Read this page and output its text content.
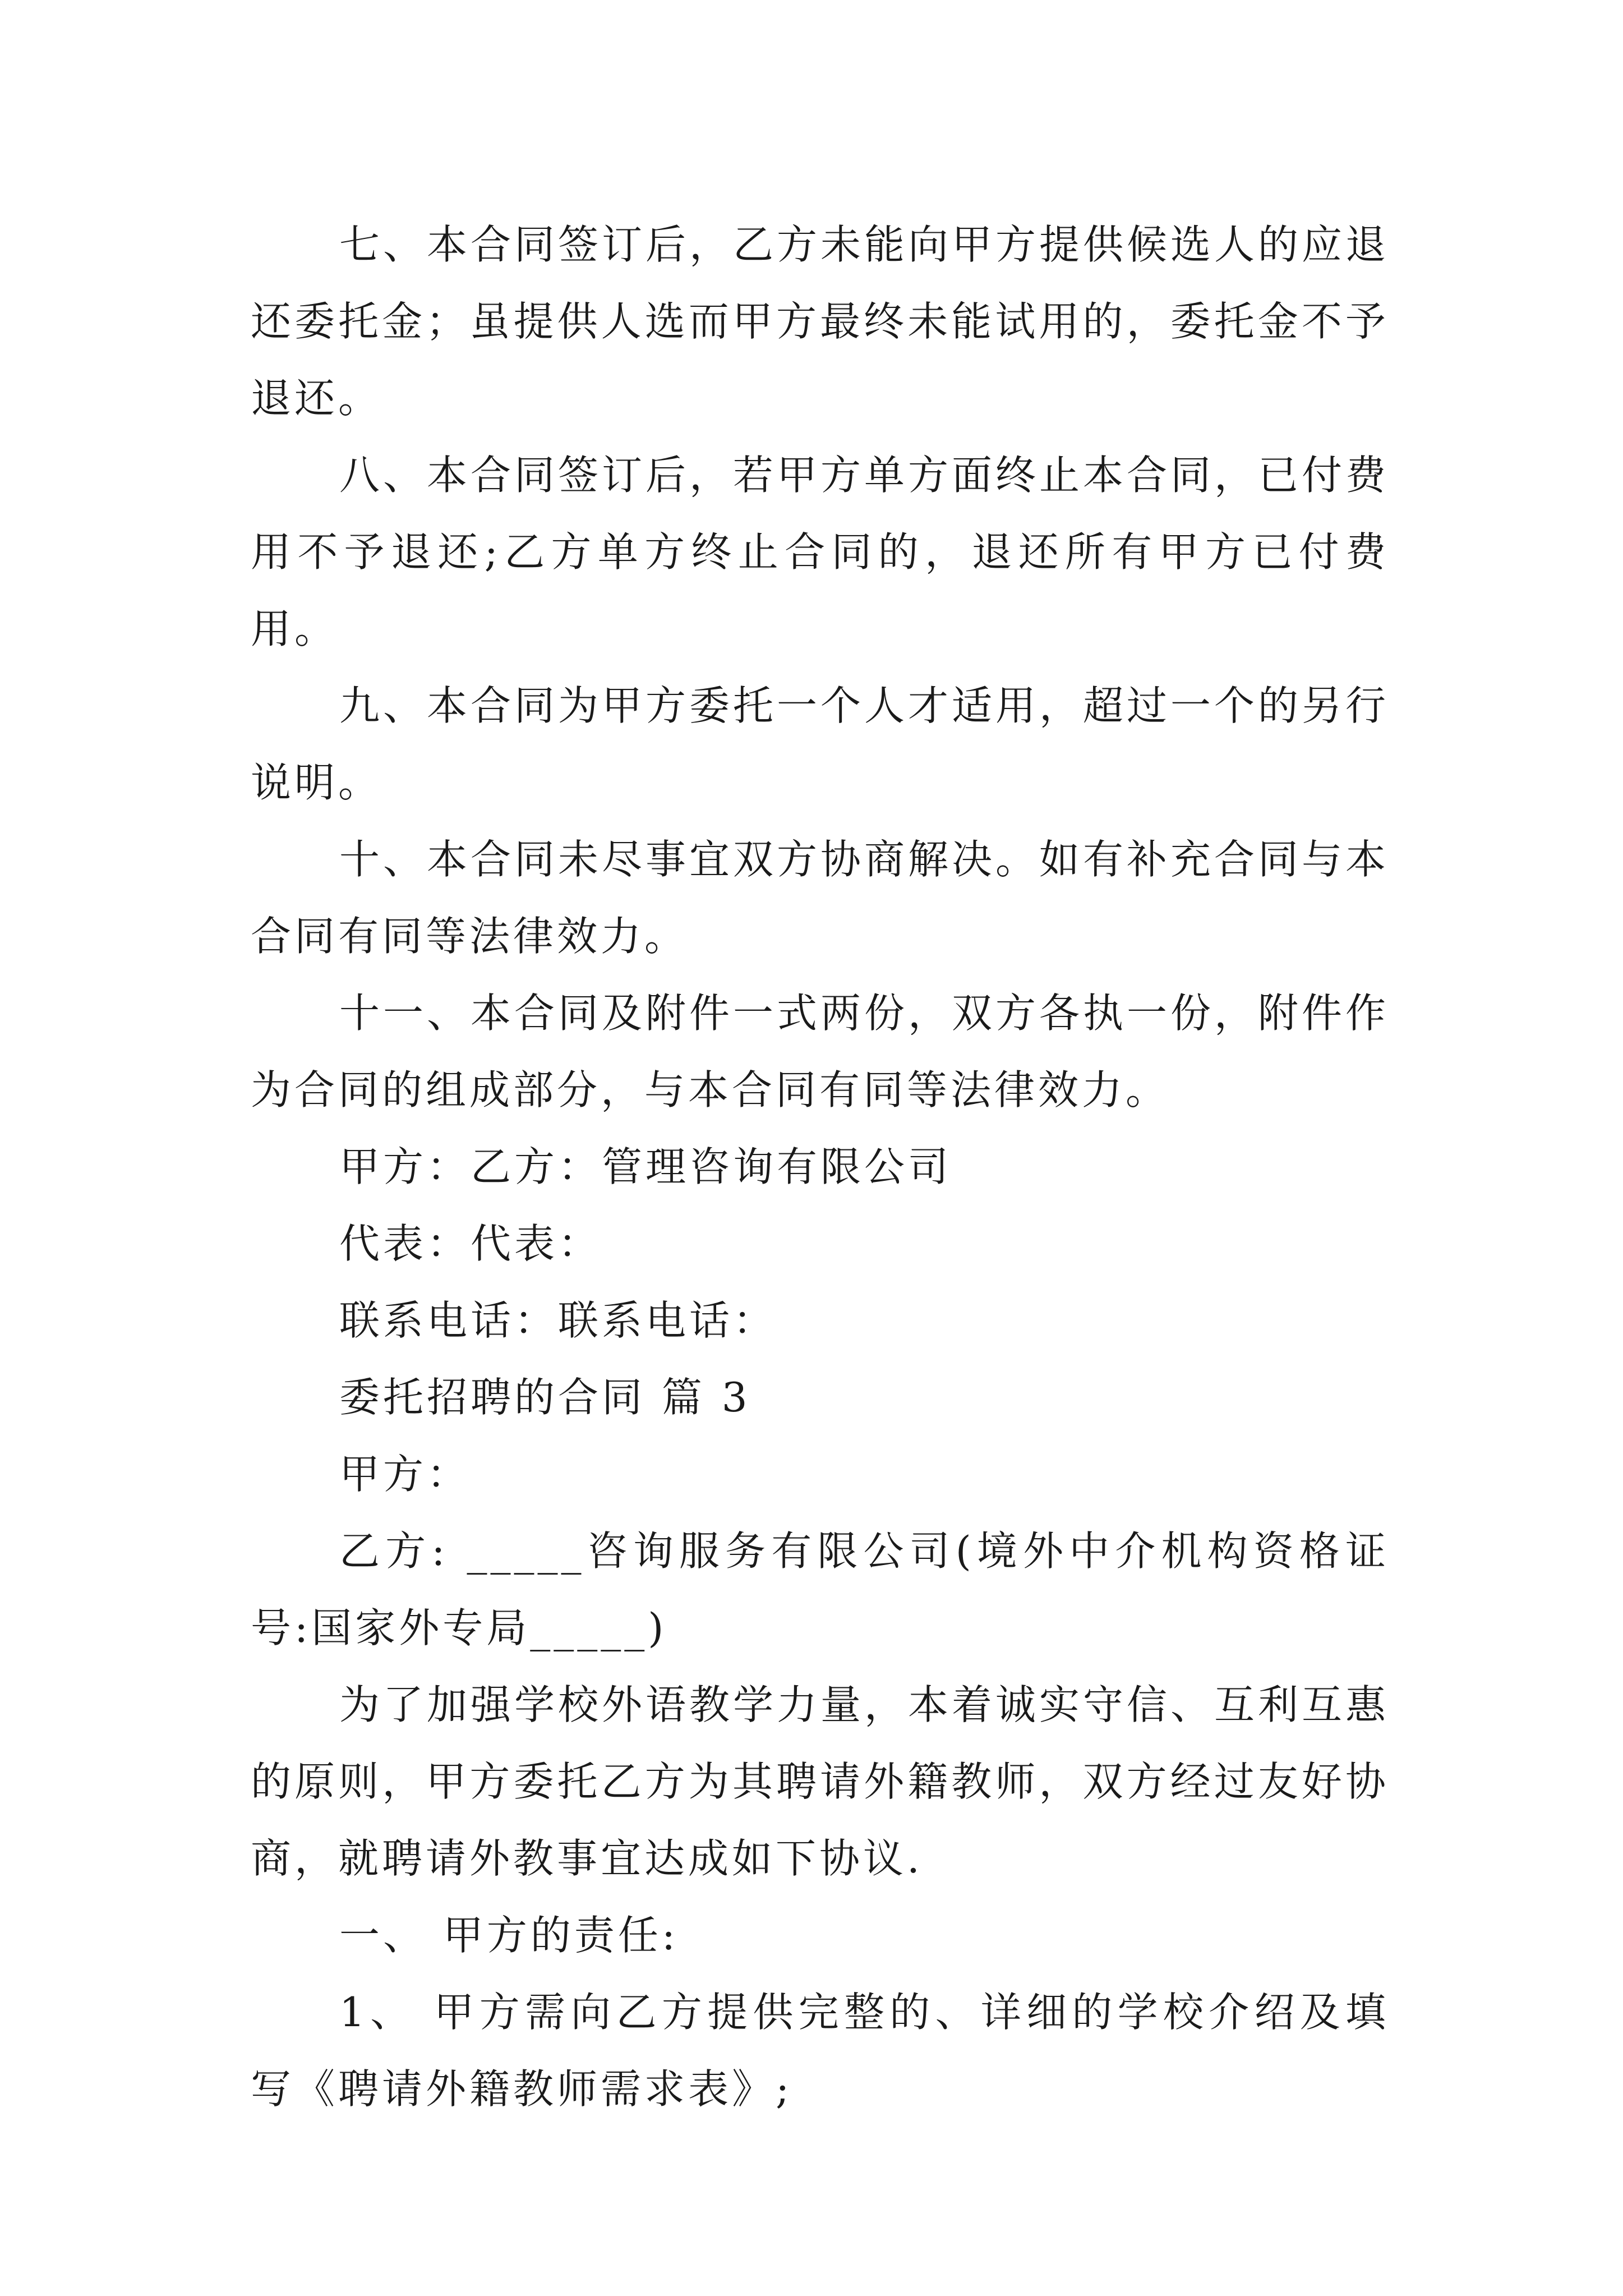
七、本合同签订后，乙方未能向甲方提供候选人的应退还委托金；虽提供人选而甲方最终未能试用的，委托金不予退还。

八、本合同签订后，若甲方单方面终止本合同，已付费用不予退还;乙方单方终止合同的，退还所有甲方已付费用。

九、本合同为甲方委托一个人才适用，超过一个的另行说明。

十、本合同未尽事宜双方协商解决。如有补充合同与本合同有同等法律效力。

十一、本合同及附件一式两份，双方各执一份，附件作为合同的组成部分，与本合同有同等法律效力。

甲方：乙方：管理咨询有限公司

代表：代表：

联系电话：联系电话：

委托招聘的合同 篇 3

甲方：

乙方: _____咨询服务有限公司(境外中介机构资格证号:国家外专局_____)

为了加强学校外语教学力量，本着诚实守信、互利互惠的原则，甲方委托乙方为其聘请外籍教师，双方经过友好协商，就聘请外教事宜达成如下协议.

一、 甲方的责任:

1、 甲方需向乙方提供完整的、详细的学校介绍及填写《聘请外籍教师需求表》;
